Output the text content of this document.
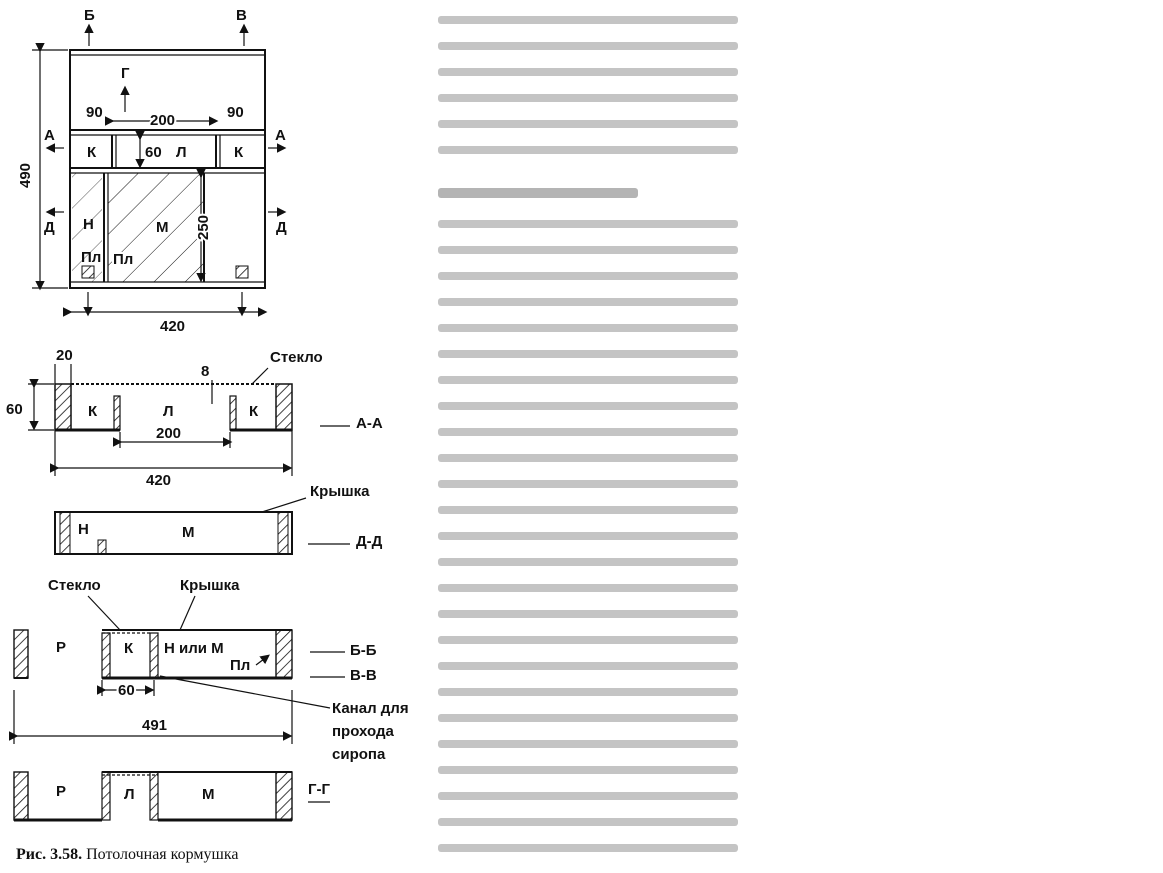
Б	В
Г
490
90	200	90
А	А
К	60 Л	К
Д	Д
Н	М 250
Пл Пл
420
20	Стекло
60
8
К	Л	К
200
420
А-А
Крышка
Н	М
Д-Д
Стекло	Крышка
Р	К Н или М
Пл
Б-Б
В-В
60
Канал для
прохода
сиропа
491
Р	Л	М	Г-Г
Рис. 3.58. Потолочная кормушка
